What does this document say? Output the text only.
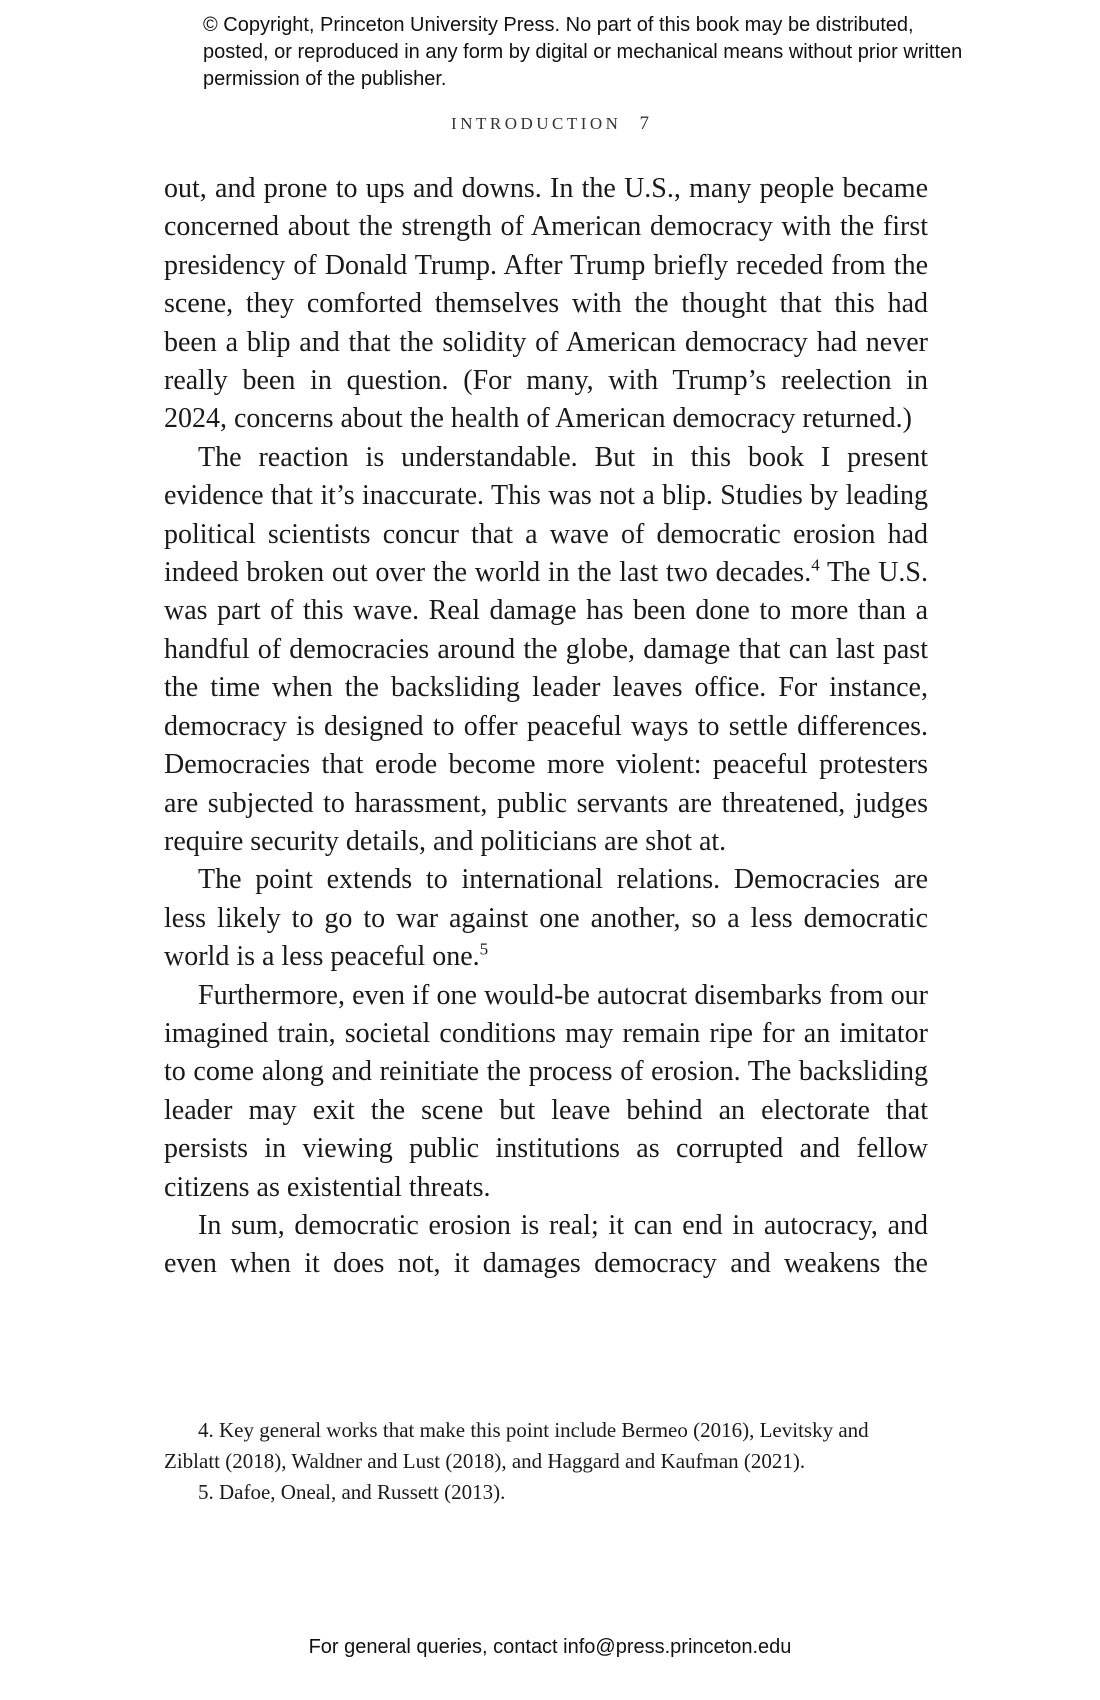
© Copyright, Princeton University Press. No part of this book may be distributed, posted, or reproduced in any form by digital or mechanical means without prior written permission of the publisher.
INTRODUCTION 7

out, and prone to ups and downs. In the U.S., many people became concerned about the strength of American democracy with the first presidency of Donald Trump. After Trump briefly receded from the scene, they comforted themselves with the thought that this had been a blip and that the solidity of American democracy had never really been in question. (For many, with Trump’s reelection in 2024, concerns about the health of American democracy returned.)

The reaction is understandable. But in this book I present evidence that it’s inaccurate. This was not a blip. Studies by leading political scientists concur that a wave of democratic erosion had indeed broken out over the world in the last two decades.$^4$ The U.S. was part of this wave. Real damage has been done to more than a handful of democracies around the globe, damage that can last past the time when the backsliding leader leaves office. For instance, democracy is designed to offer peaceful ways to settle differences. Democracies that erode become more violent: peaceful protesters are subjected to harassment, public servants are threatened, judges require security details, and politicians are shot at.

The point extends to international relations. Democracies are less likely to go to war against one another, so a less democratic world is a less peaceful one.$^5$

Furthermore, even if one would-be autocrat disembarks from our imagined train, societal conditions may remain ripe for an imitator to come along and reinitiate the process of erosion. The backsliding leader may exit the scene but leave behind an electorate that persists in viewing public institutions as corrupted and fellow citizens as existential threats.

In sum, democratic erosion is real; it can end in autocracy, and even when it does not, it damages democracy and weakens the

4. Key general works that make this point include Bermeo (2016), Levitsky and Ziblatt (2018), Waldner and Lust (2018), and Haggard and Kaufman (2021).

5. Dafoe, Oneal, and Russett (2013).

For general queries, contact info@press.princeton.edu
